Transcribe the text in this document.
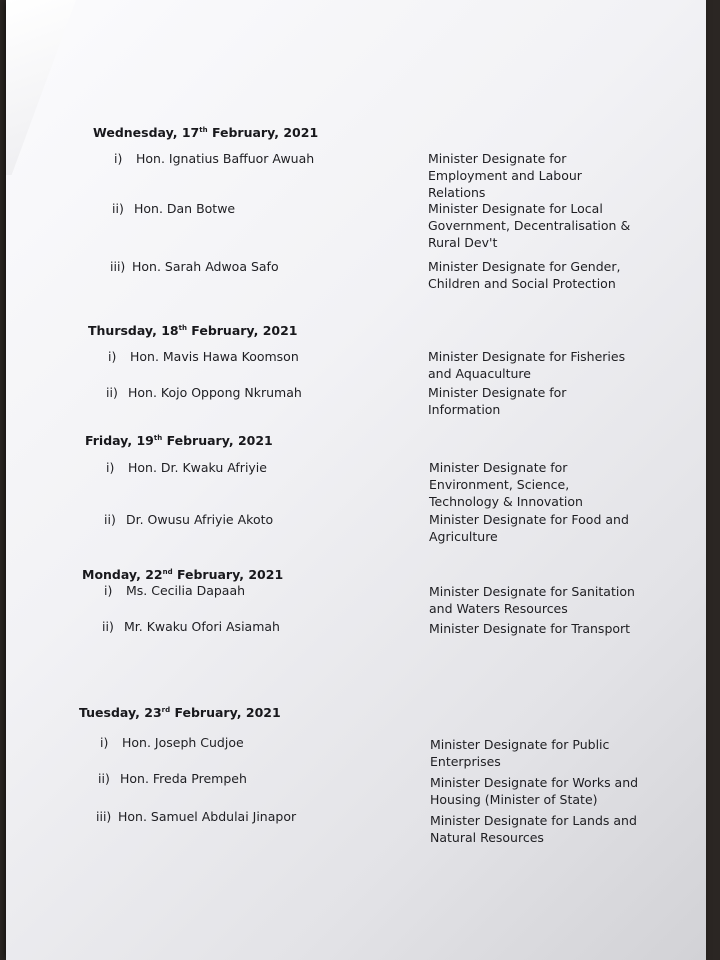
Wednesday, 17th February, 2021
i) Hon. Ignatius Baffuor Awuah	Minister Designate for
Employment and Labour
Relations
ii) Hon. Dan Botwe	Minister Designate for Local
Government, Decentralisation &
Rural Dev't
iii) Hon. Sarah Adwoa Safo	Minister Designate for Gender,
Children and Social Protection
Thursday, 18th February, 2021
i) Hon. Mavis Hawa Koomson	Minister Designate for Fisheries
and Aquaculture
ii) Hon. Kojo Oppong Nkrumah	Minister Designate for
Information
Friday, 19th February, 2021
i) Hon. Dr. Kwaku Afriyie	Minister Designate for
Environment, Science,
Technology & Innovation
ii) Dr. Owusu Afriyie Akoto	Minister Designate for Food and
Agriculture
Monday, 22nd February, 2021
i) Ms. Cecilia Dapaah	Minister Designate for Sanitation
and Waters Resources
ii) Mr. Kwaku Ofori Asiamah	Minister Designate for Transport
Tuesday, 23rd February, 2021
i) Hon. Joseph Cudjoe	Minister Designate for Public
Enterprises
ii) Hon. Freda Prempeh	Minister Designate for Works and
Housing (Minister of State)
iii) Hon. Samuel Abdulai Jinapor	Minister Designate for Lands and
Natural Resources
